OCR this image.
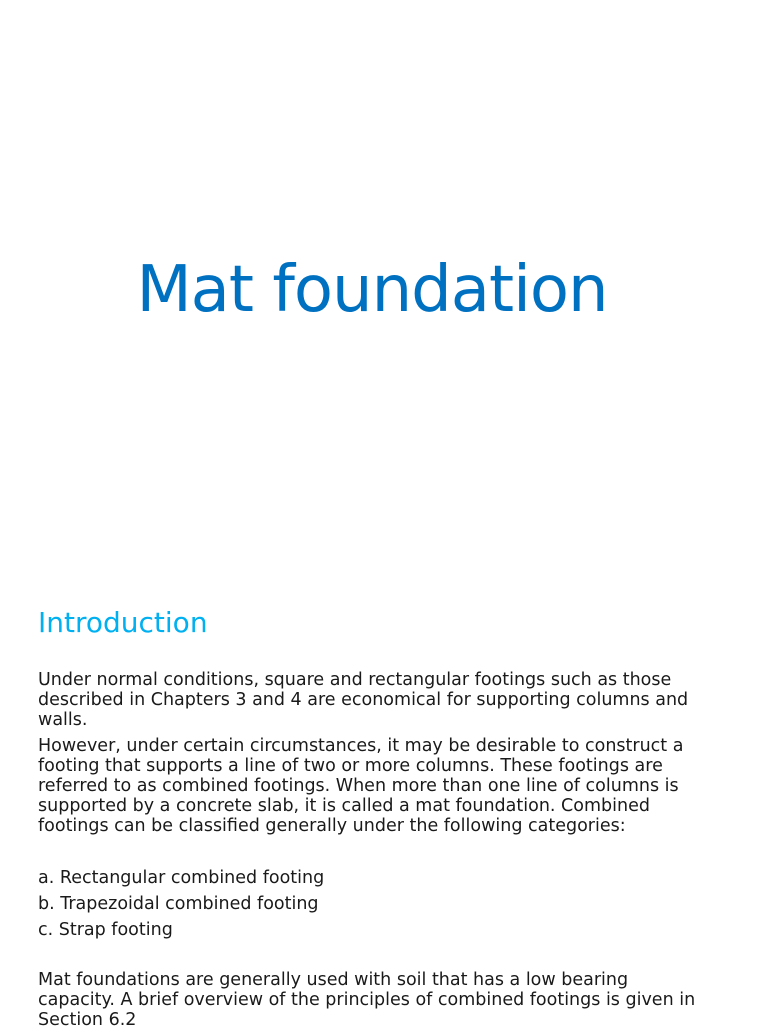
Mat foundation
Introduction

Under normal conditions, square and rectangular footings such as those described in Chapters 3 and 4 are economical for supporting columns and walls.

However, under certain circumstances, it may be desirable to construct a footing that supports a line of two or more columns. These footings are referred to as combined footings. When more than one line of columns is supported by a concrete slab, it is called a mat foundation. Combined footings can be classified generally under the following categories:

a. Rectangular combined footing
b. Trapezoidal combined footing
c. Strap footing

Mat foundations are generally used with soil that has a low bearing capacity. A brief overview of the principles of combined footings is given in Section 6.2
